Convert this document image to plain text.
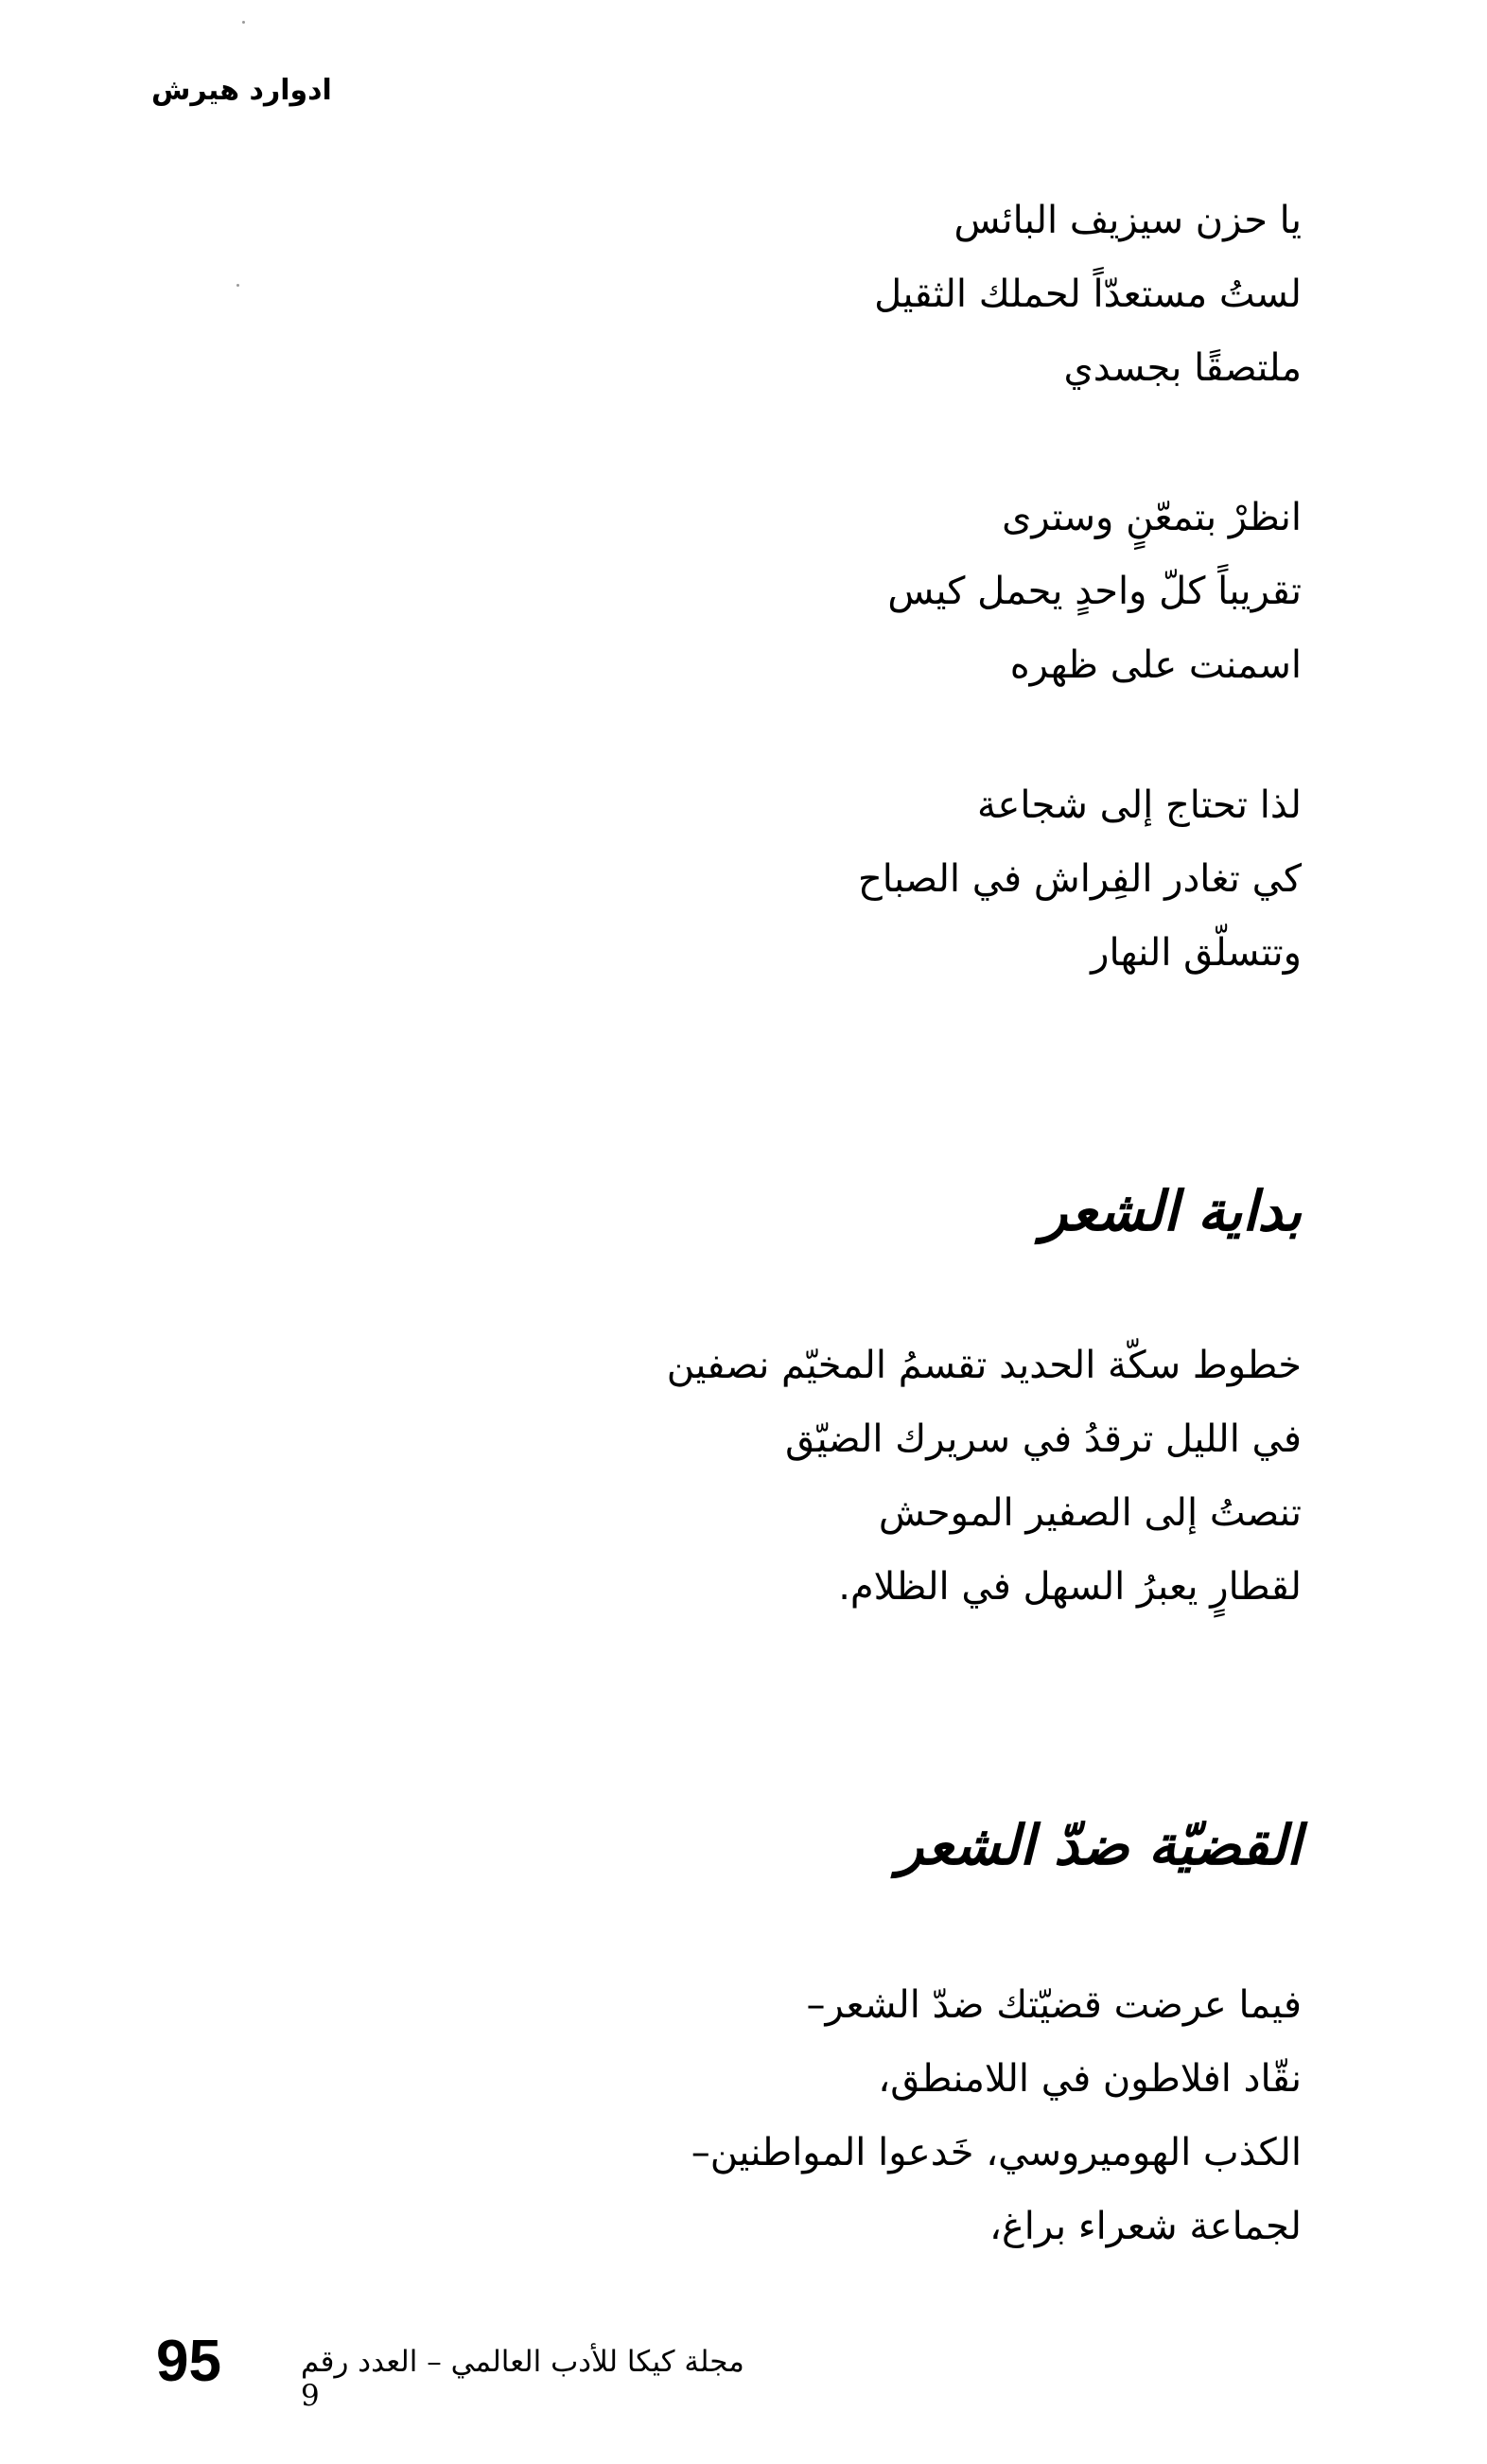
ادوارد هيرش
يا حزن سيزيف البائس
لستُ مستعدّاً لحملك الثقيل
ملتصقًا بجسدي
انظرْ بتمعّنٍ وسترى
تقريباً كلّ واحدٍ يحمل كيس
اسمنت على ظهره
لذا تحتاج إلى شجاعة
كي تغادر الفِراش في الصباح
وتتسلّق النهار
بداية الشعر
خطوط سكّة الحديد تقسمُ المخيّم نصفين
في الليل ترقدُ في سريرك الضيّق
تنصتُ إلى الصفير الموحش
لقطارٍ يعبرُ السهل في الظلام.
القضيّة ضدّ الشعر
فيما عرضت قضيّتك ضدّ الشعر–
نقّاد افلاطون في اللامنطق،
الكذب الهوميروسي، خَدعوا المواطنين–
لجماعة شعراء براغ،
95	مجلة كيكا للأدب العالمي – العدد رقم 9
